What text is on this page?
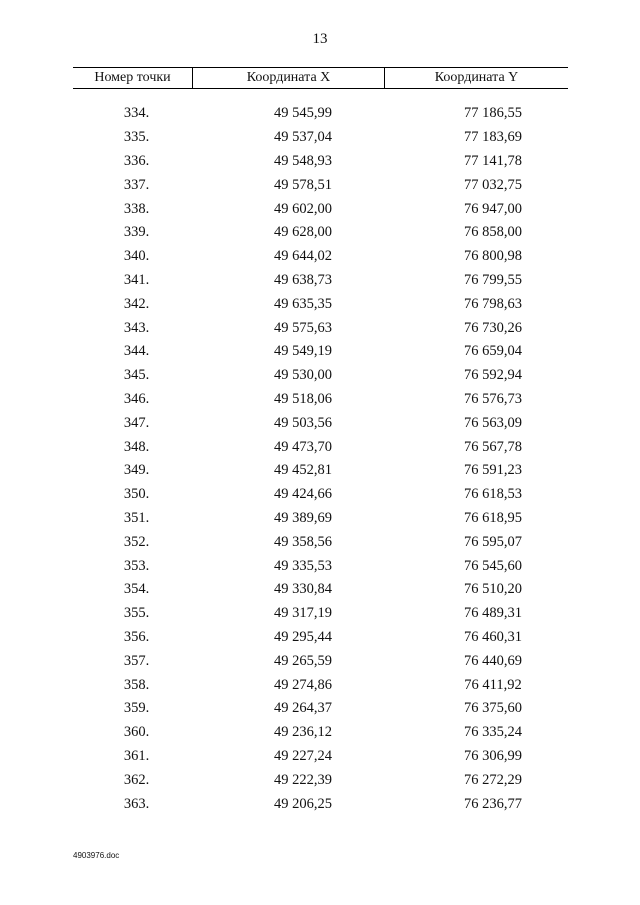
13
Номер точки	Координата X	Координата Y
334.	49 545,99	77 186,55
335.	49 537,04	77 183,69
336.	49 548,93	77 141,78
337.	49 578,51	77 032,75
338.	49 602,00	76 947,00
339.	49 628,00	76 858,00
340.	49 644,02	76 800,98
341.	49 638,73	76 799,55
342.	49 635,35	76 798,63
343.	49 575,63	76 730,26
344.	49 549,19	76 659,04
345.	49 530,00	76 592,94
346.	49 518,06	76 576,73
347.	49 503,56	76 563,09
348.	49 473,70	76 567,78
349.	49 452,81	76 591,23
350.	49 424,66	76 618,53
351.	49 389,69	76 618,95
352.	49 358,56	76 595,07
353.	49 335,53	76 545,60
354.	49 330,84	76 510,20
355.	49 317,19	76 489,31
356.	49 295,44	76 460,31
357.	49 265,59	76 440,69
358.	49 274,86	76 411,92
359.	49 264,37	76 375,60
360.	49 236,12	76 335,24
361.	49 227,24	76 306,99
362.	49 222,39	76 272,29
363.	49 206,25	76 236,77
4903976.doc
